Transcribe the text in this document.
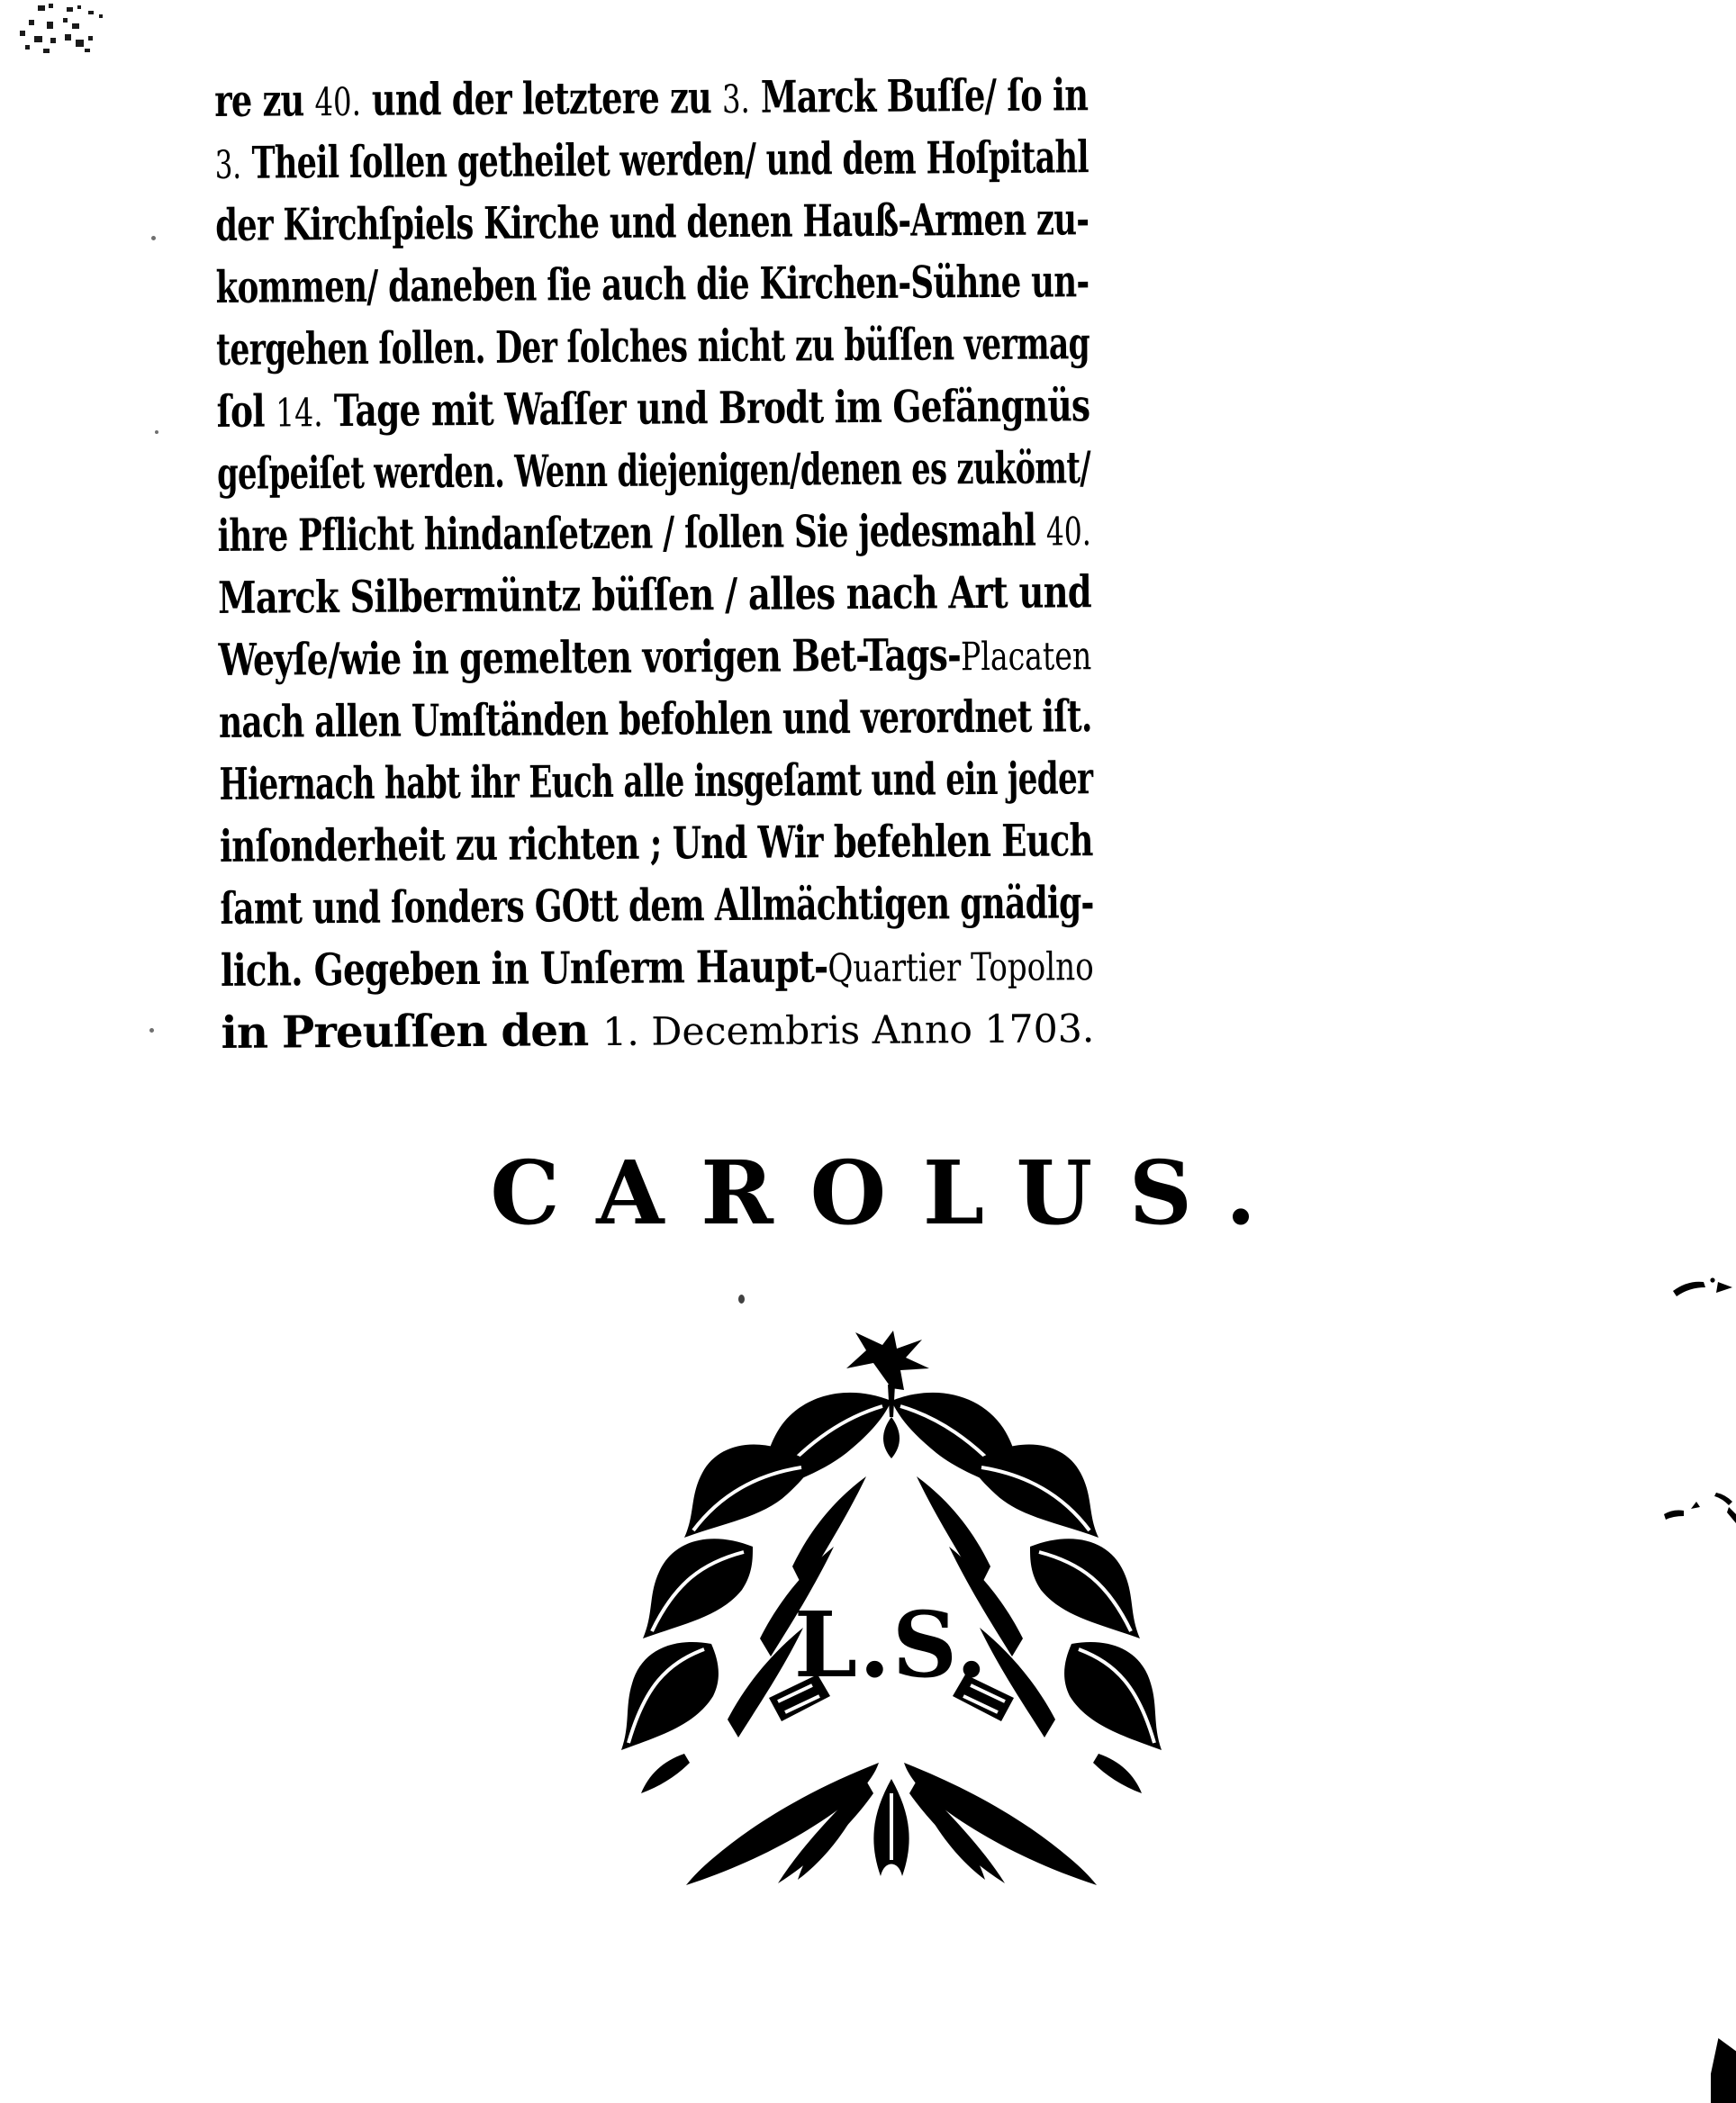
re zu 40. und der letztere zu 3. Marck Buſſe/ ſo in
3. Theil ſollen getheilet werden/ und dem Hoſpitahl
der Kirchſpiels Kirche und denen Hauß-Armen zu-
kommen/ daneben ſie auch die Kirchen-Sühne un-
tergehen ſollen. Der ſolches nicht zu büſſen vermag
ſol 14. Tage mit Waſſer und Brodt im Gefängnüs
geſpeiſet werden. Wenn diejenigen/denen es zukömt/
ihre Pflicht hindanſetzen / ſollen Sie jedesmahl 40.
Marck Silbermüntz büſſen / alles nach Art und
Weyſe/wie in gemelten vorigen Bet-Tags-Placaten
nach allen Umſtänden befohlen und verordnet iſt.
Hiernach habt ihr Euch alle insgeſamt und ein jeder
inſonderheit zu richten ; Und Wir befehlen Euch
ſamt und ſonders GOtt dem Allmächtigen gnädig-
lich. Gegeben in Unſerm Haupt-Quartier Topolno
in Preuſſen den 1. Decembris Anno 1703.
CAROLUS.
L.S.
